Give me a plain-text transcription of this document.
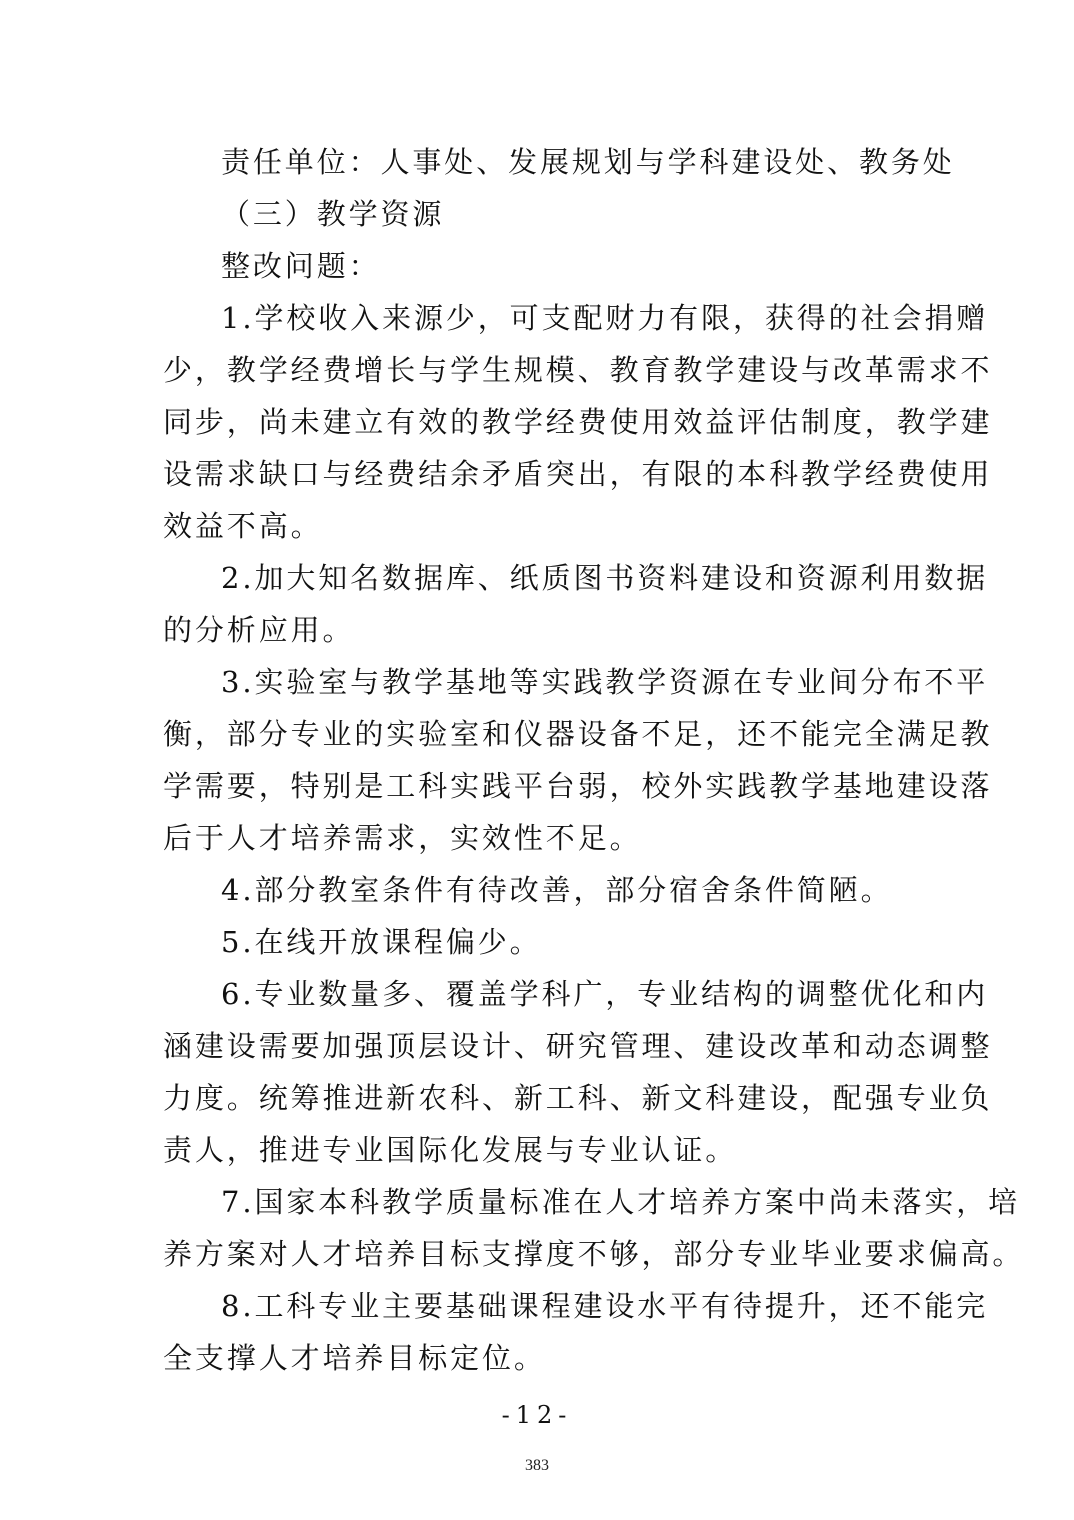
责任单位：人事处、发展规划与学科建设处、教务处
（三）教学资源
整改问题：
1.学校收入来源少，可支配财力有限，获得的社会捐赠
少，教学经费增长与学生规模、教育教学建设与改革需求不
同步，尚未建立有效的教学经费使用效益评估制度，教学建
设需求缺口与经费结余矛盾突出，有限的本科教学经费使用
效益不高。
2.加大知名数据库、纸质图书资料建设和资源利用数据
的分析应用。
3.实验室与教学基地等实践教学资源在专业间分布不平
衡，部分专业的实验室和仪器设备不足，还不能完全满足教
学需要，特别是工科实践平台弱，校外实践教学基地建设落
后于人才培养需求，实效性不足。
4.部分教室条件有待改善，部分宿舍条件简陋。
5.在线开放课程偏少。
6.专业数量多、覆盖学科广，专业结构的调整优化和内
涵建设需要加强顶层设计、研究管理、建设改革和动态调整
力度。统筹推进新农科、新工科、新文科建设，配强专业负
责人，推进专业国际化发展与专业认证。
7.国家本科教学质量标准在人才培养方案中尚未落实，培
养方案对人才培养目标支撑度不够，部分专业毕业要求偏高。
8.工科专业主要基础课程建设水平有待提升，还不能完
全支撑人才培养目标定位。
-12-
383
